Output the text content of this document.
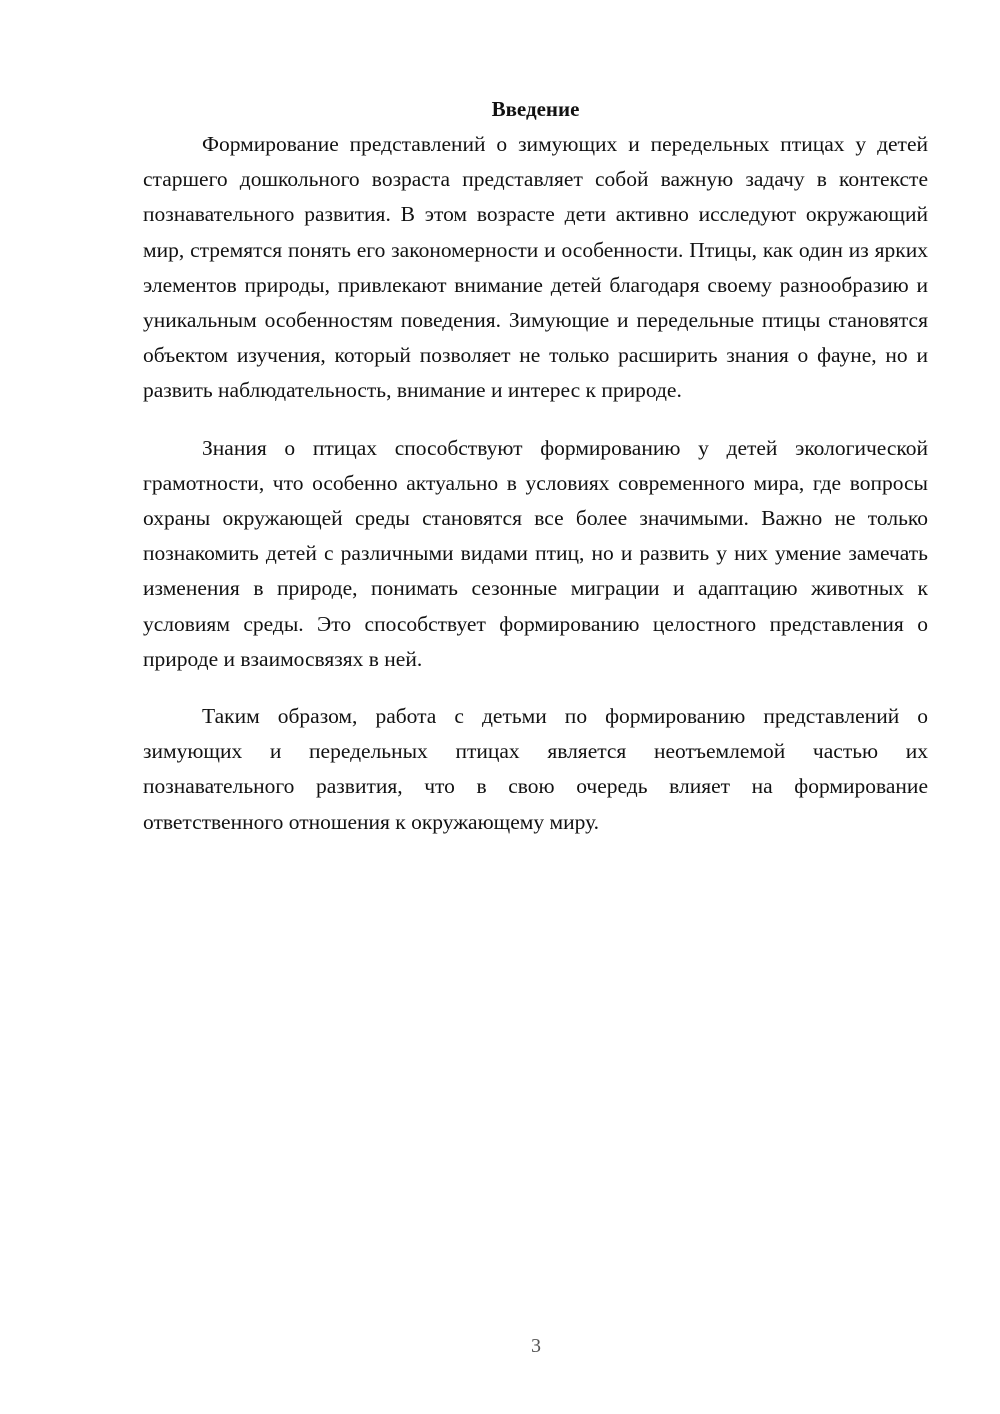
Введение

Формирование представлений о зимующих и передельных птицах у детей старшего дошкольного возраста представляет собой важную задачу в контексте познавательного развития. В этом возрасте дети активно исследуют окружающий мир, стремятся понять его закономерности и особенности. Птицы, как один из ярких элементов природы, привлекают внимание детей благодаря своему разнообразию и уникальным особенностям поведения. Зимующие и передельные птицы становятся объектом изучения, который позволяет не только расширить знания о фауне, но и развить наблюдательность, внимание и интерес к природе.

Знания о птицах способствуют формированию у детей экологической грамотности, что особенно актуально в условиях современного мира, где вопросы охраны окружающей среды становятся все более значимыми. Важно не только познакомить детей с различными видами птиц, но и развить у них умение замечать изменения в природе, понимать сезонные миграции и адаптацию животных к условиям среды. Это способствует формированию целостного представления о природе и взаимосвязях в ней.

Таким образом, работа с детьми по формированию представлений о зимующих и передельных птицах является неотъемлемой частью их познавательного развития, что в свою очередь влияет на формирование ответственного отношения к окружающему миру.

3
